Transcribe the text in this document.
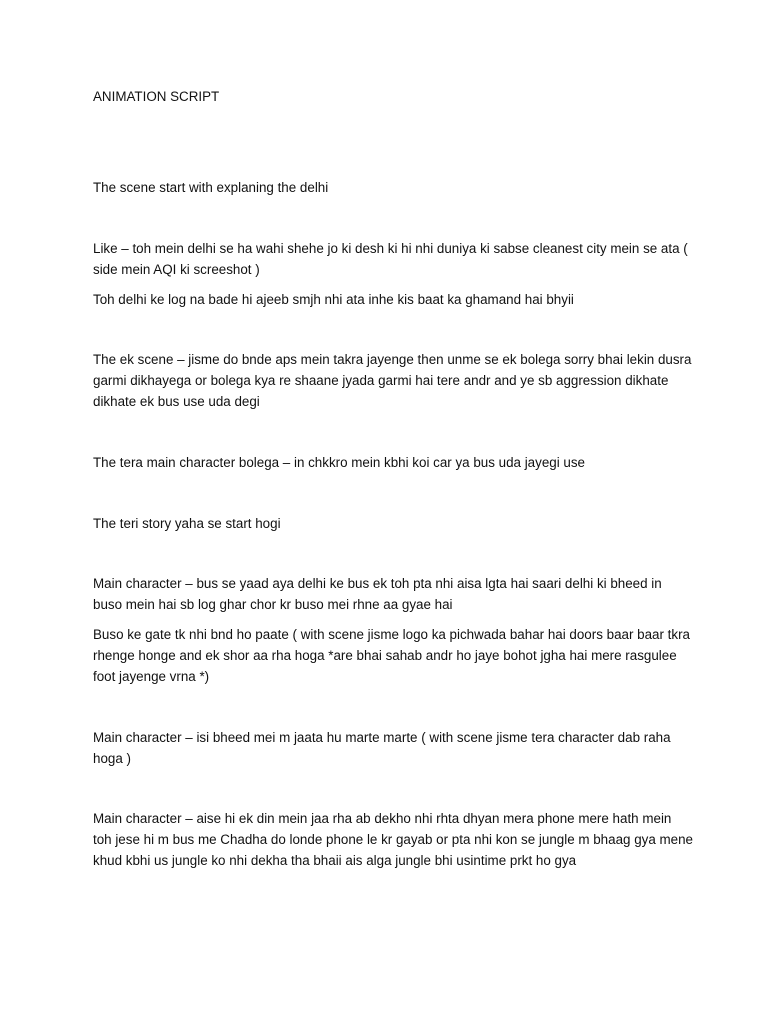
ANIMATION SCRIPT

The scene start with explaning the delhi

Like – toh mein delhi se ha wahi shehe jo ki desh ki hi nhi duniya ki sabse cleanest city mein se ata ( side mein AQI ki screeshot )

Toh delhi ke log na bade hi ajeeb smjh nhi ata inhe kis baat ka ghamand hai bhyii

The ek scene – jisme do bnde aps mein takra jayenge then unme se ek bolega sorry bhai lekin dusra garmi dikhayega or bolega kya re shaane jyada garmi hai tere andr and ye sb aggression dikhate dikhate ek bus use uda degi

The tera main character bolega – in chkkro mein kbhi koi car ya bus uda jayegi use

The teri story yaha se start hogi

Main character – bus se yaad aya delhi ke bus ek toh pta nhi aisa lgta hai saari delhi ki bheed in buso mein hai sb log ghar chor kr buso mei rhne aa gyae hai

Buso ke gate tk nhi bnd ho paate ( with scene jisme logo ka pichwada bahar hai doors baar baar tkra rhenge honge and ek shor aa rha hoga *are bhai sahab andr ho jaye bohot jgha hai mere rasgulee foot jayenge vrna *)

Main character – isi bheed mei m jaata hu marte marte ( with scene jisme tera character dab raha hoga )

Main character – aise hi ek din mein jaa rha ab dekho nhi rhta dhyan mera phone mere hath mein toh jese hi m bus me Chadha do londe phone le kr gayab or pta nhi kon se jungle m bhaag gya mene khud kbhi us jungle ko nhi dekha tha bhaii ais alga jungle bhi usintime prkt ho gya
